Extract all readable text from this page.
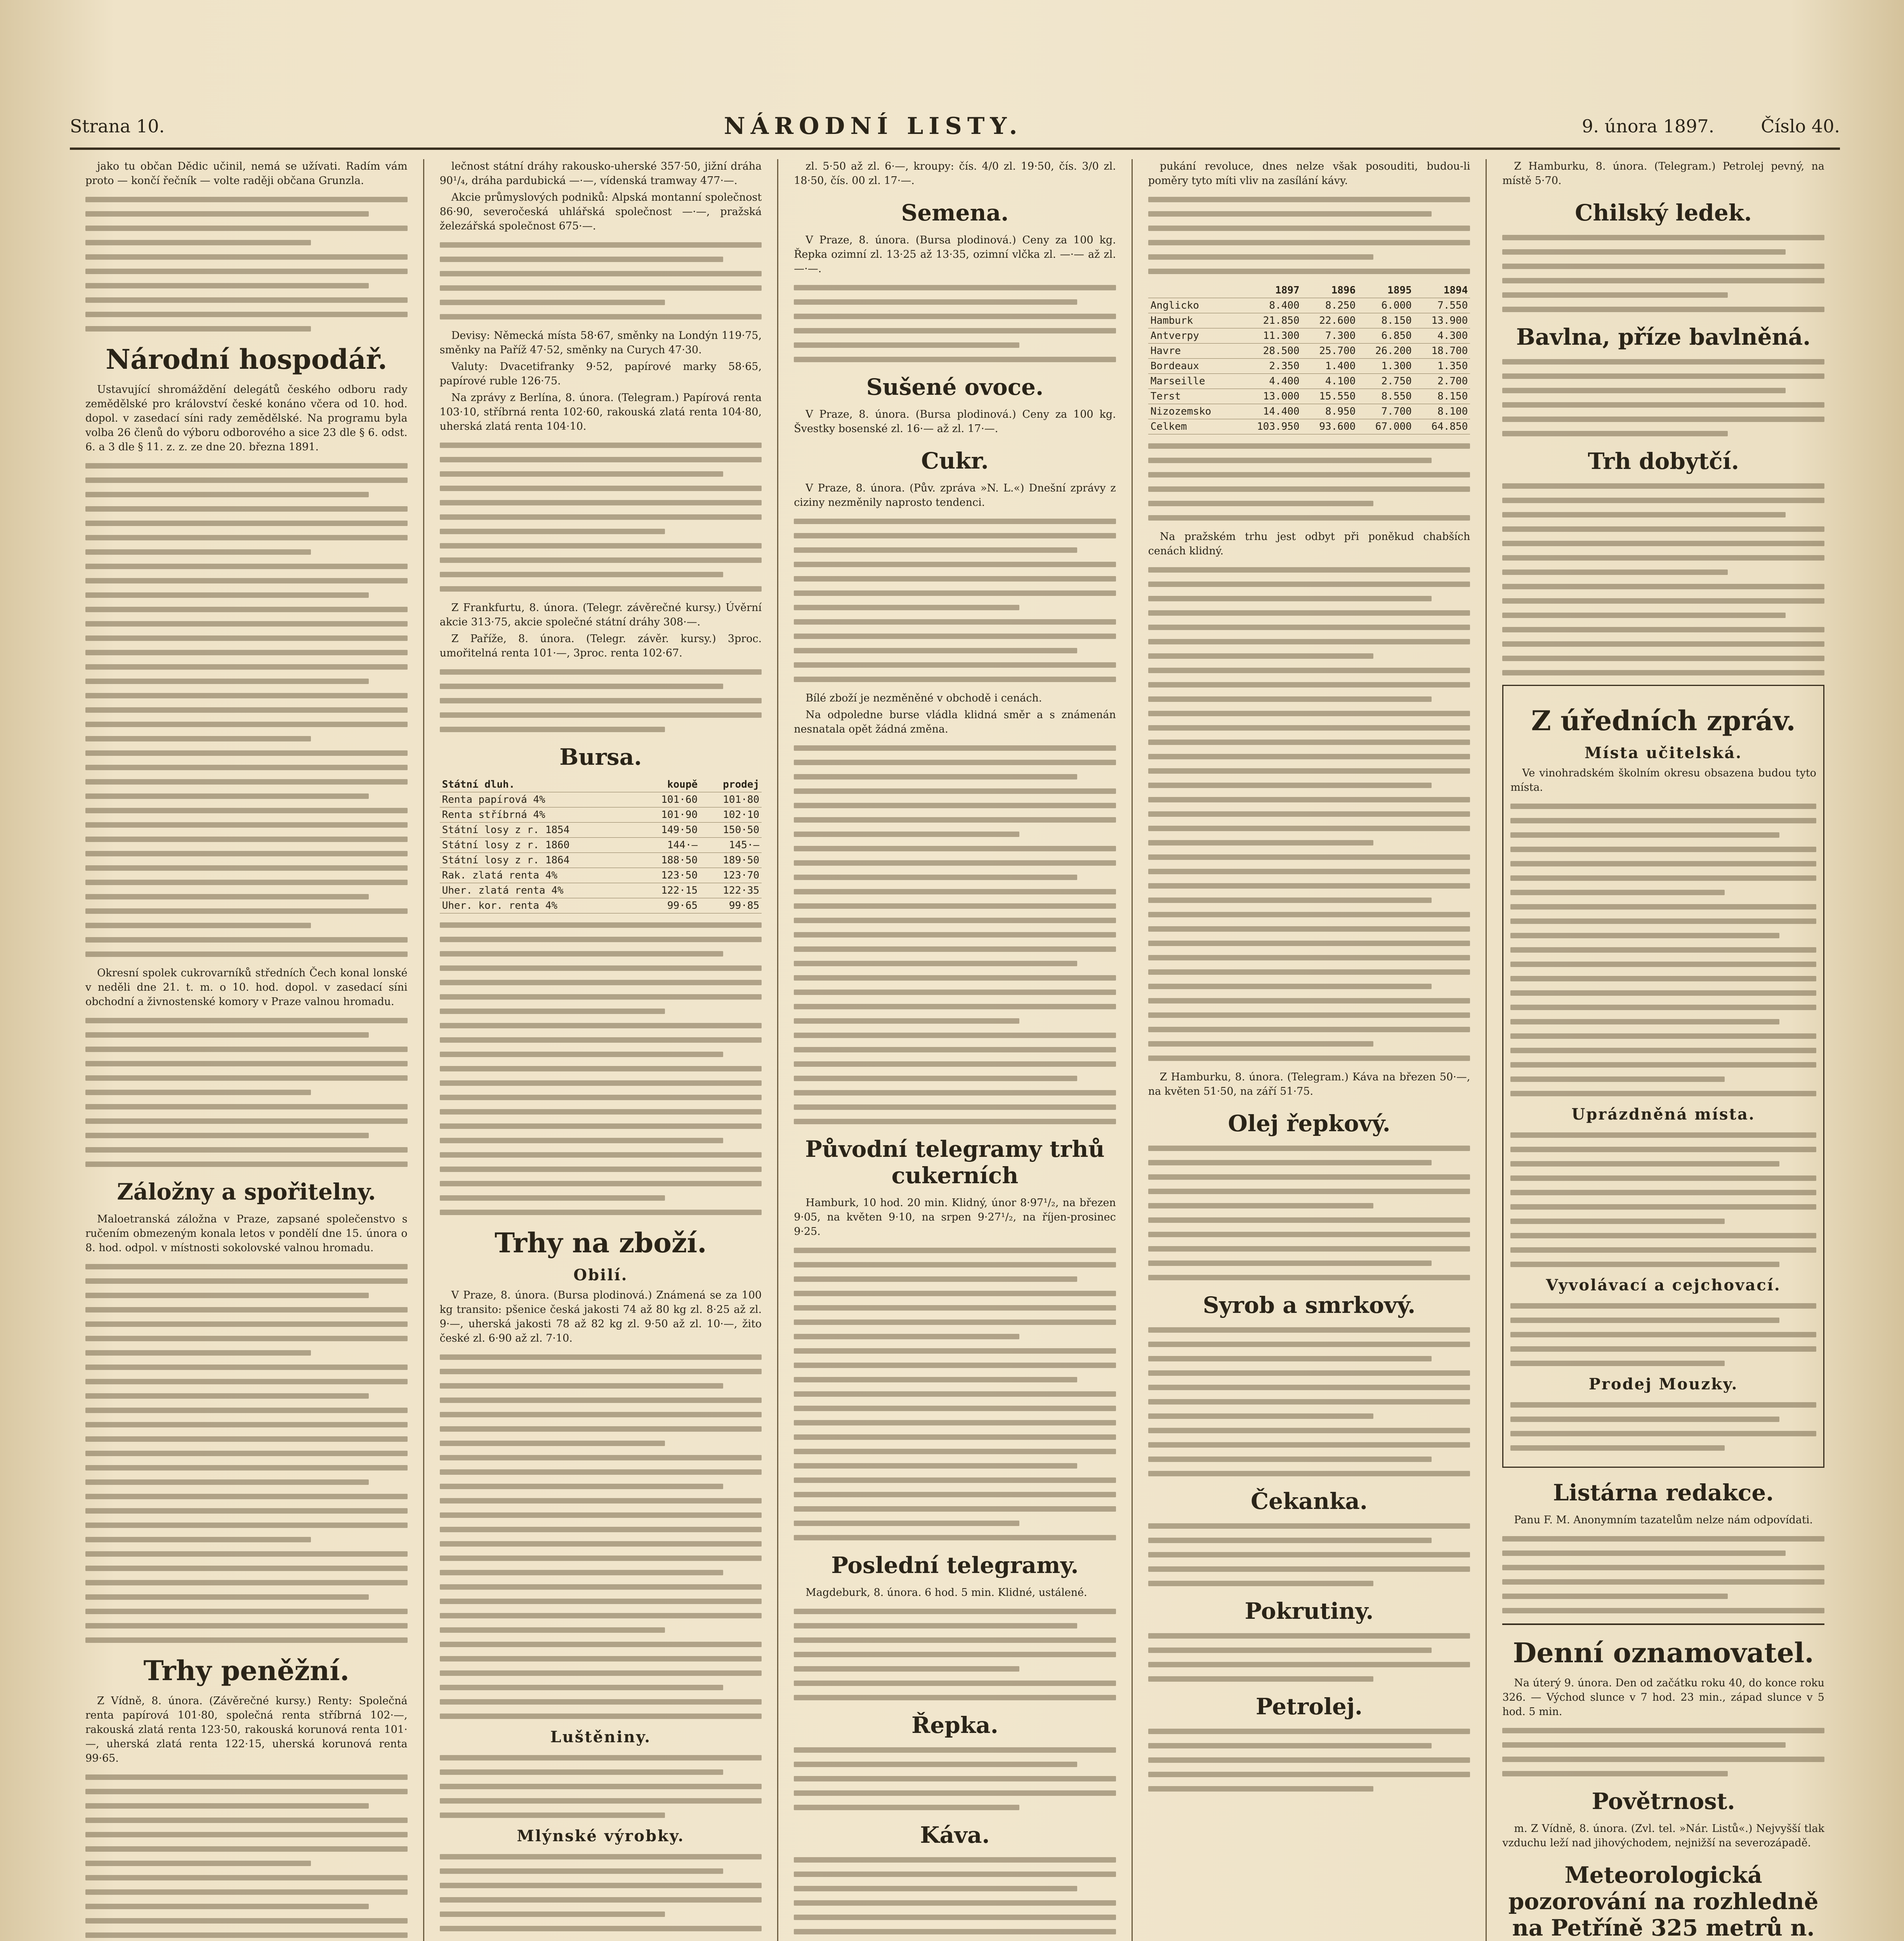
Strana 10.	NÁRODNÍ LISTY.	9. února 1897.	Číslo 40.

jako tu občan Dědic učinil, nemá se užívati. Radím vám proto — končí řečník — volte raději občana Grunzla.

Národní hospodář.

Ustavující shromáždění delegátů českého odboru rady zemědělské pro království české konáno včera od 10. hod. dopol. v zasedací síni rady zemědělské. Na programu byla volba 26 členů do výboru odborového a sice 23 dle § 6. odst. 6. a 3 dle § 11. z. z. ze dne 20. března 1891.

Okresní spolek cukrovarníků středních Čech konal lonské v neděli dne 21. t. m. o 10. hod. dopol. v zasedací síni obchodní a živnostenské komory v Praze valnou hromadu.

Záložny a spořitelny.

Maloetranská záložna v Praze, zapsané společenstvo s ručením obmezeným konala letos v pondělí dne 15. února o 8. hod. odpol. v místnosti sokolovské valnou hromadu.

Trhy peněžní.

Z Vídně, 8. února. (Závěrečné kursy.) Renty: Společná renta papírová 101·80, společná renta stříbrná 102·—, rakouská zlatá renta 123·50, rakouská korunová renta 101·—, uherská zlatá renta 122·15, uherská korunová renta 99·65.

lečnost státní dráhy rakousko-uherské 357·50, jižní dráha 90¹/₄, dráha pardubická —·—, vídenská tramway 477·—.

Akcie průmyslových podniků: Alpská montanní společnost 86·90, severočeská uhlářská společnost —·—, pražská železářská společnost 675·—.

Devisy: Německá místa 58·67, směnky na Londýn 119·75, směnky na Paříž 47·52, směnky na Curych 47·30.

Valuty: Dvacetifranky 9·52, papírové marky 58·65, papírové ruble 126·75.

Na zprávy z Berlína, 8. února. (Telegram.) Papírová renta 103·10, stříbrná renta 102·60, rakouská zlatá renta 104·80, uherská zlatá renta 104·10.

Z Frankfurtu, 8. února. (Telegr. závěrečné kursy.) Úvěrní akcie 313·75, akcie společné státní dráhy 308·—.

Z Paříže, 8. února. (Telegr. závěr. kursy.) 3proc. umořitelná renta 101·—, 3proc. renta 102·67.

Bursa.
Státní dluh.	koupě	prodej
Renta papírová 4%	101·60	101·80
Renta stříbrná 4%	101·90	102·10
Státní losy z r. 1854	149·50	150·50
Státní losy z r. 1860	144·—	145·—
Státní losy z r. 1864	188·50	189·50
Rak. zlatá renta 4%	123·50	123·70
Uher. zlatá renta 4%	122·15	122·35
Uher. kor. renta 4%	99·65	99·85
Trhy na zboží.
Obilí.

V Praze, 8. února. (Bursa plodinová.) Známená se za 100 kg transito: pšenice česká jakosti 74 až 80 kg zl. 8·25 až zl. 9·—, uherská jakosti 78 až 82 kg zl. 9·50 až zl. 10·—, žito české zl. 6·90 až zl. 7·10.

Luštěniny.
Mlýnské výrobky.

zl. 5·50 až zl. 6·—, kroupy: čís. 4/0 zl. 19·50, čís. 3/0 zl. 18·50, čís. 00 zl. 17·—.

Semena.

V Praze, 8. února. (Bursa plodinová.) Ceny za 100 kg. Řepka ozimní zl. 13·25 až 13·35, ozimní vlčka zl. —·— až zl. —·—.

Sušené ovoce.

V Praze, 8. února. (Bursa plodinová.) Ceny za 100 kg. Švestky bosenské zl. 16·— až zl. 17·—.

Cukr.

V Praze, 8. února. (Pův. zpráva »N. L.«) Dnešní zprávy z ciziny nezměnily naprosto tendenci.

Bílé zboží je nezměněné v obchodě i cenách.

Na odpoledne burse vládla klidná směr a s známenán nesnatala opět žádná změna.

Původní telegramy trhů cukerních

Hamburk, 10 hod. 20 min. Klidný, únor 8·97¹/₂, na březen 9·05, na květen 9·10, na srpen 9·27¹/₂, na říjen-prosinec 9·25.

Poslední telegramy.

Magdeburk, 8. února. 6 hod. 5 min. Klidné, ustálené.

Řepka.
Káva.

pukání revoluce, dnes nelze však posouditi, budou-li poměry tyto míti vliv na zasílání kávy.

	1897	1896	1895	1894
Anglicko	8.400	8.250	6.000	7.550
Hamburk	21.850	22.600	8.150	13.900
Antverpy	11.300	7.300	6.850	4.300
Havre	28.500	25.700	26.200	18.700
Bordeaux	2.350	1.400	1.300	1.350
Marseille	4.400	4.100	2.750	2.700
Terst	13.000	15.550	8.550	8.150
Nizozemsko	14.400	8.950	7.700	8.100
Celkem	103.950	93.600	67.000	64.850

Na pražském trhu jest odbyt při poněkud chabších cenách klidný.

Z Hamburku, 8. února. (Telegram.) Káva na březen 50·—, na květen 51·50, na září 51·75.

Olej řepkový.
Syrob a smrkový.
Čekanka.
Pokrutiny.
Petrolej.

Z Hamburku, 8. února. (Telegram.) Petrolej pevný, na místě 5·70.

Chilský ledek.
Bavlna, příze bavlněná.
Trh dobytčí.
Z úředních zpráv.
Místa učitelská.

Ve vinohradském školním okresu obsazena budou tyto místa.

Uprázdněná místa.
Vyvolávací a cejchovací.
Prodej Mouzky.
Listárna redakce.

Panu F. M. Anonymním tazatelům nelze nám odpovídati.

Denní oznamovatel.

Na úterý 9. února. Den od začátku roku 40, do konce roku 326. — Východ slunce v 7 hod. 23 min., západ slunce v 5 hod. 5 min.

Povětrnost.

m. Z Vídně, 8. února. (Zvl. tel. »Nár. Listů«.) Nejvyšší tlak vzduchu leží nad jihovýchodem, nejnižší na severozápadě.

Meteorologická pozorování na rozhledně na Petříně 325 metrů n.
